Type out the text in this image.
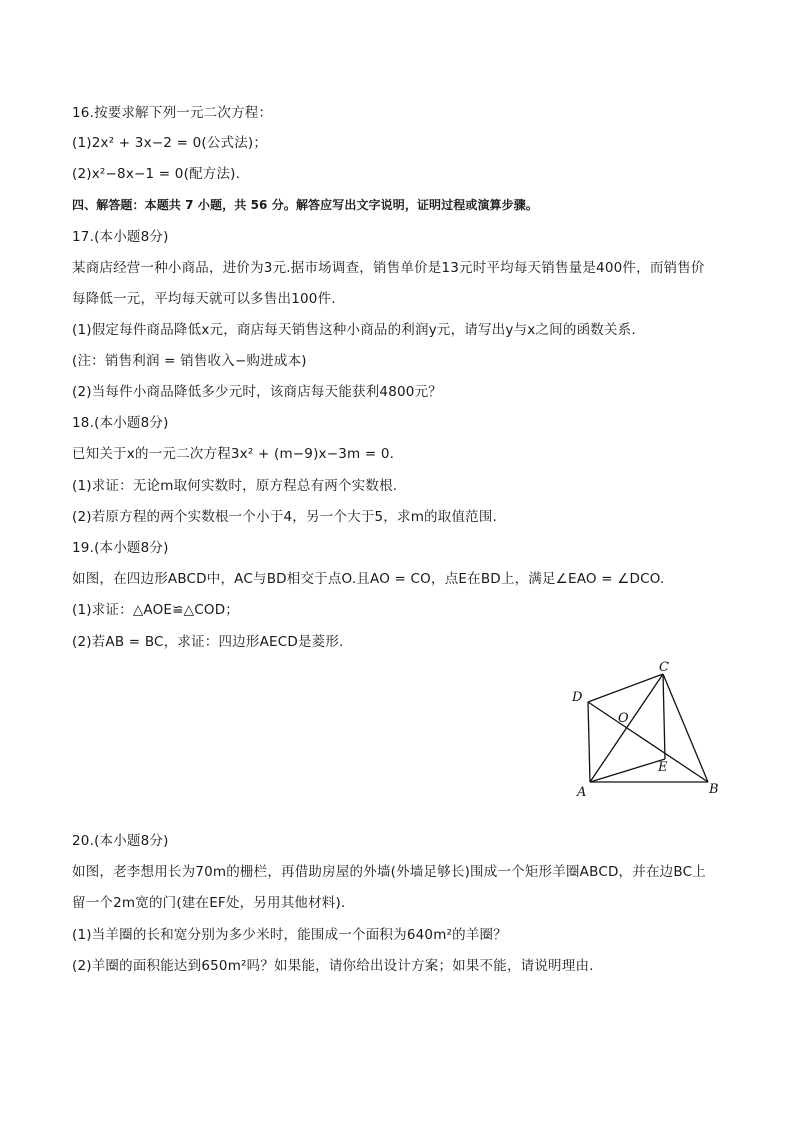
16.按要求解下列一元二次方程：
(1)2x² + 3x−2 = 0(公式法)；
(2)x²−8x−1 = 0(配方法).
四、解答题：本题共 7 小题，共 56 分。解答应写出文字说明，证明过程或演算步骤。
17.(本小题8分)
某商店经营一种小商品，进价为3元.据市场调查，销售单价是13元时平均每天销售量是400件，而销售价
每降低一元，平均每天就可以多售出100件.
(1)假定每件商品降低x元，商店每天销售这种小商品的利润y元，请写出y与x之间的函数关系.
(注：销售利润 = 销售收入−购进成本)
(2)当每件小商品降低多少元时，该商店每天能获利4800元？
18.(本小题8分)
已知关于x的一元二次方程3x² + (m−9)x−3m = 0.
(1)求证：无论m取何实数时，原方程总有两个实数根.
(2)若原方程的两个实数根一个小于4，另一个大于5，求m的取值范围.
19.(本小题8分)
如图，在四边形ABCD中，AC与BD相交于点O.且AO = CO，点E在BD上，满足∠EAO = ∠DCO.
(1)求证：△AOE≌△COD；
(2)若AB = BC，求证：四边形AECD是菱形.
C
D
O
E
A	B
20.(本小题8分)
如图，老李想用长为70m的栅栏，再借助房屋的外墙(外墙足够长)围成一个矩形羊圈ABCD，并在边BC上
留一个2m宽的门(建在EF处，另用其他材料).
(1)当羊圈的长和宽分别为多少米时，能围成一个面积为640m²的羊圈？
(2)羊圈的面积能达到650m²吗？如果能，请你给出设计方案；如果不能，请说明理由.
